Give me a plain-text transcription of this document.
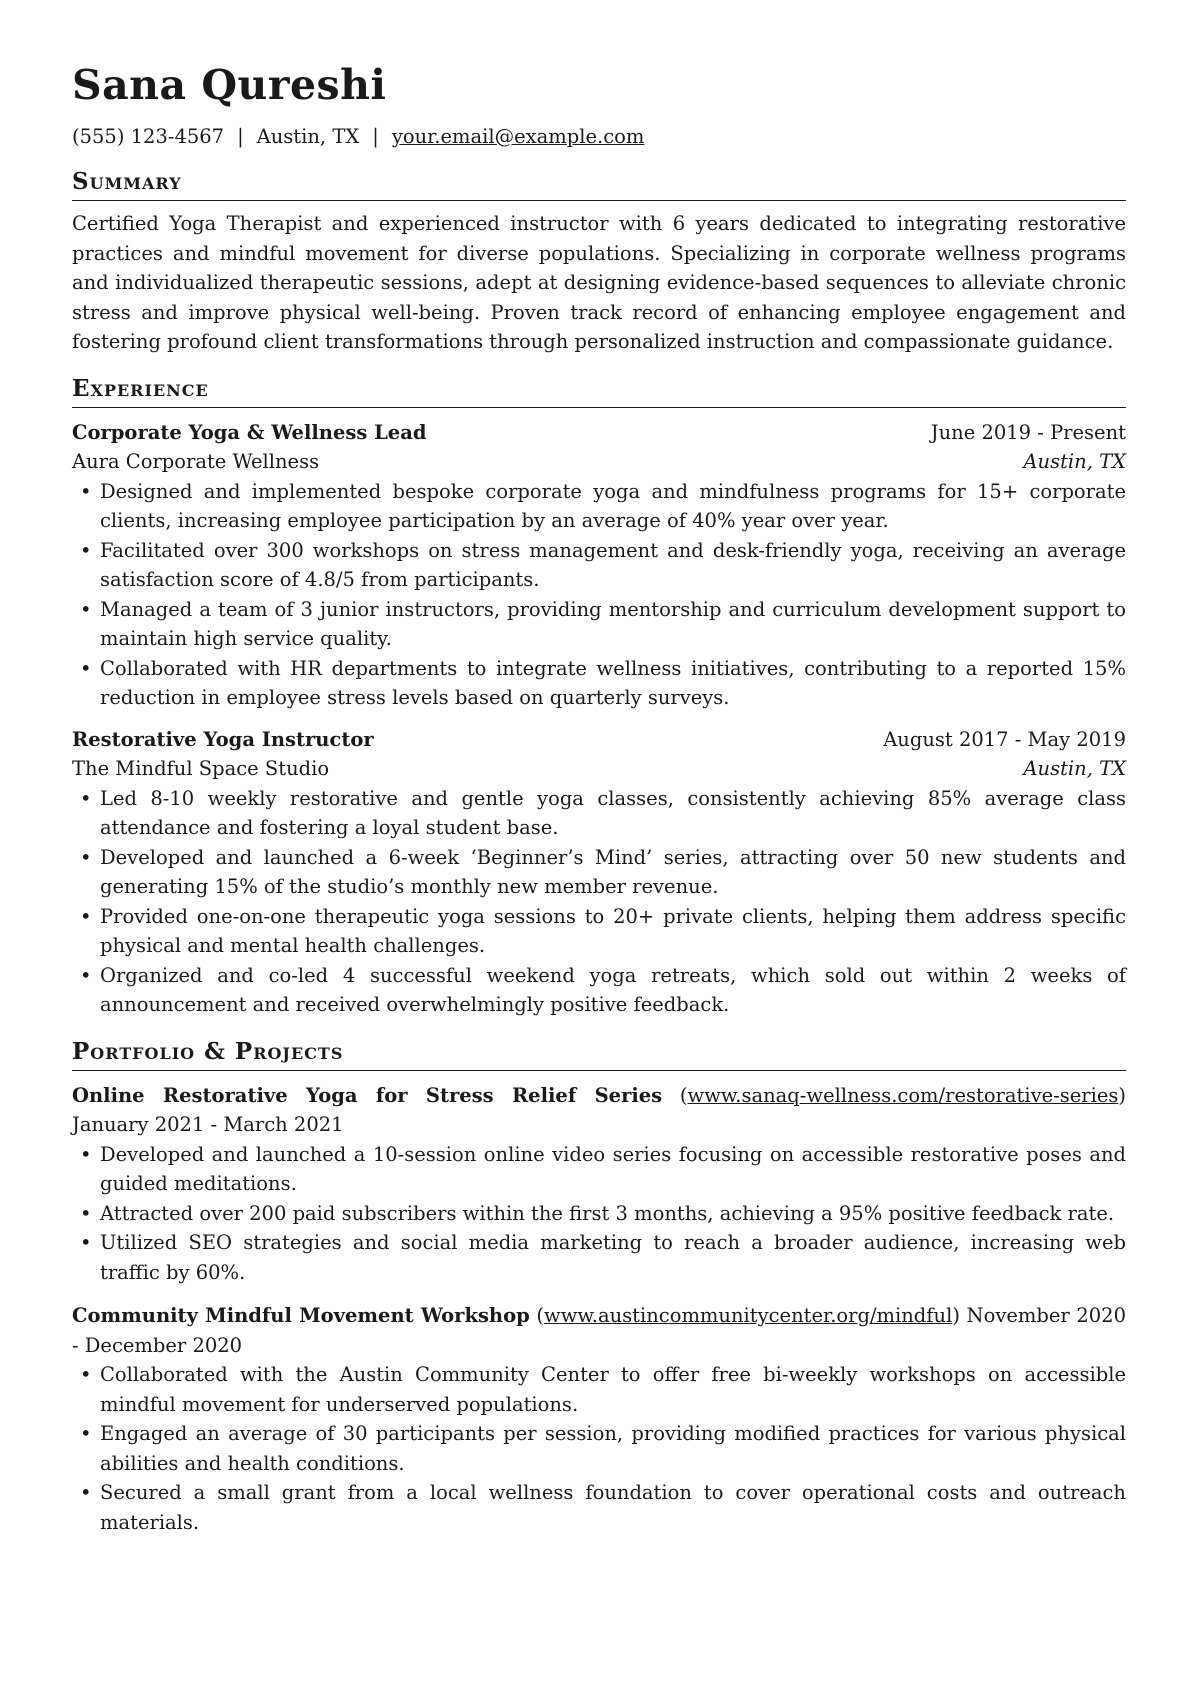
Sana Qureshi
(555) 123-4567 | Austin, TX | your.email@example.com
Summary
Certified Yoga Therapist and experienced instructor with 6 years dedicated to integrating restorative practices and mindful movement for diverse populations. Specializing in corporate wellness programs and individualized therapeutic sessions, adept at designing evidence-based sequences to alleviate chronic stress and improve physical well-being. Proven track record of enhancing employee engagement and fostering profound client transformations through personalized instruction and compassionate guidance.
Experience
Corporate Yoga & Wellness Lead	June 2019 - Present
Aura Corporate Wellness	Austin, TX
• Designed and implemented bespoke corporate yoga and mindfulness programs for 15+ corporate clients, increasing employee participation by an average of 40% year over year.
• Facilitated over 300 workshops on stress management and desk-friendly yoga, receiving an average satisfaction score of 4.8/5 from participants.
• Managed a team of 3 junior instructors, providing mentorship and curriculum development support to maintain high service quality.
• Collaborated with HR departments to integrate wellness initiatives, contributing to a reported 15% reduction in employee stress levels based on quarterly surveys.
Restorative Yoga Instructor	August 2017 - May 2019
The Mindful Space Studio	Austin, TX
• Led 8-10 weekly restorative and gentle yoga classes, consistently achieving 85% average class attendance and fostering a loyal student base.
• Developed and launched a 6-week ‘Beginner’s Mind’ series, attracting over 50 new students and generating 15% of the studio’s monthly new member revenue.
• Provided one-on-one therapeutic yoga sessions to 20+ private clients, helping them address specific physical and mental health challenges.
• Organized and co-led 4 successful weekend yoga retreats, which sold out within 2 weeks of announcement and received overwhelmingly positive feedback.
Portfolio & Projects
Online Restorative Yoga for Stress Relief Series (www.sanaq-wellness.com/restorative-series) January 2021 - March 2021
• Developed and launched a 10-session online video series focusing on accessible restorative poses and guided meditations.
• Attracted over 200 paid subscribers within the first 3 months, achieving a 95% positive feedback rate.
• Utilized SEO strategies and social media marketing to reach a broader audience, increasing web traffic by 60%.
Community Mindful Movement Workshop (www.austincommunitycenter.org/mindful) November 2020 - December 2020
• Collaborated with the Austin Community Center to offer free bi-weekly workshops on accessible mindful movement for underserved populations.
• Engaged an average of 30 participants per session, providing modified practices for various physical abilities and health conditions.
• Secured a small grant from a local wellness foundation to cover operational costs and outreach materials.
